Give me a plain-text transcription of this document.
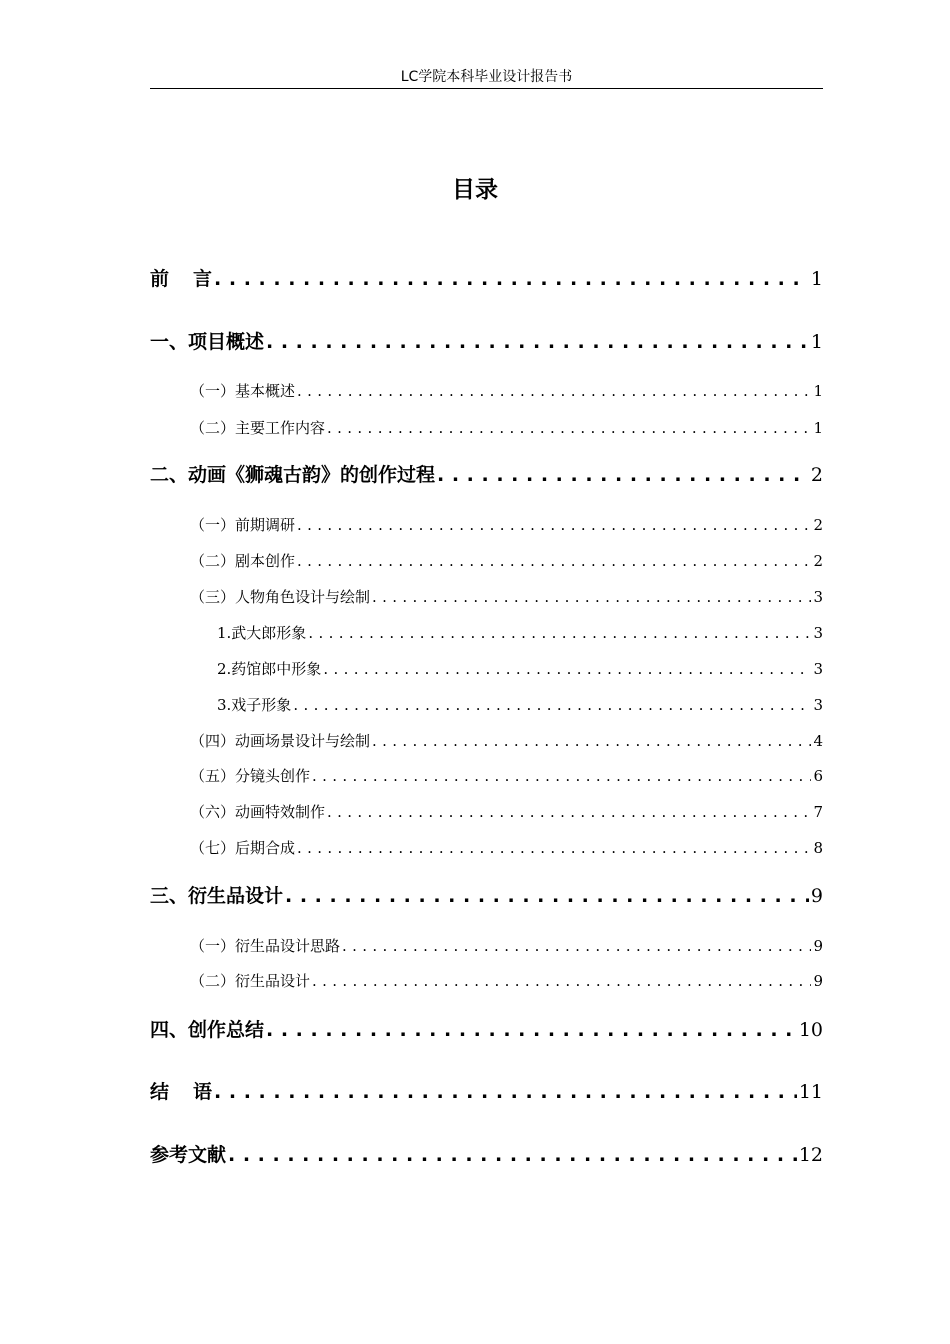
LC学院本科毕业设计报告书
目录
前言 . . .	1
一、项目概述 . . .	1
（一）基本概述 . . .	1
（二）主要工作内容 . . .	1
二、动画《狮魂古韵》的创作过程 . . .	2
（一）前期调研 . . .	2
（二）剧本创作 . . .	2
（三）人物角色设计与绘制 . . .	3
1.武大郎形象 . . .	3
2.药馆郎中形象 . . .	3
3.戏子形象 . . .	3
（四）动画场景设计与绘制 . . .	4
（五）分镜头创作 . . .	6
（六）动画特效制作 . . .	7
（七）后期合成 . . .	8
三、衍生品设计 . . .	9
（一）衍生品设计思路 . . .	9
（二）衍生品设计 . . .	9
四、创作总结 . . .	10
结语 . . .	11
参考文献 . . .	12
